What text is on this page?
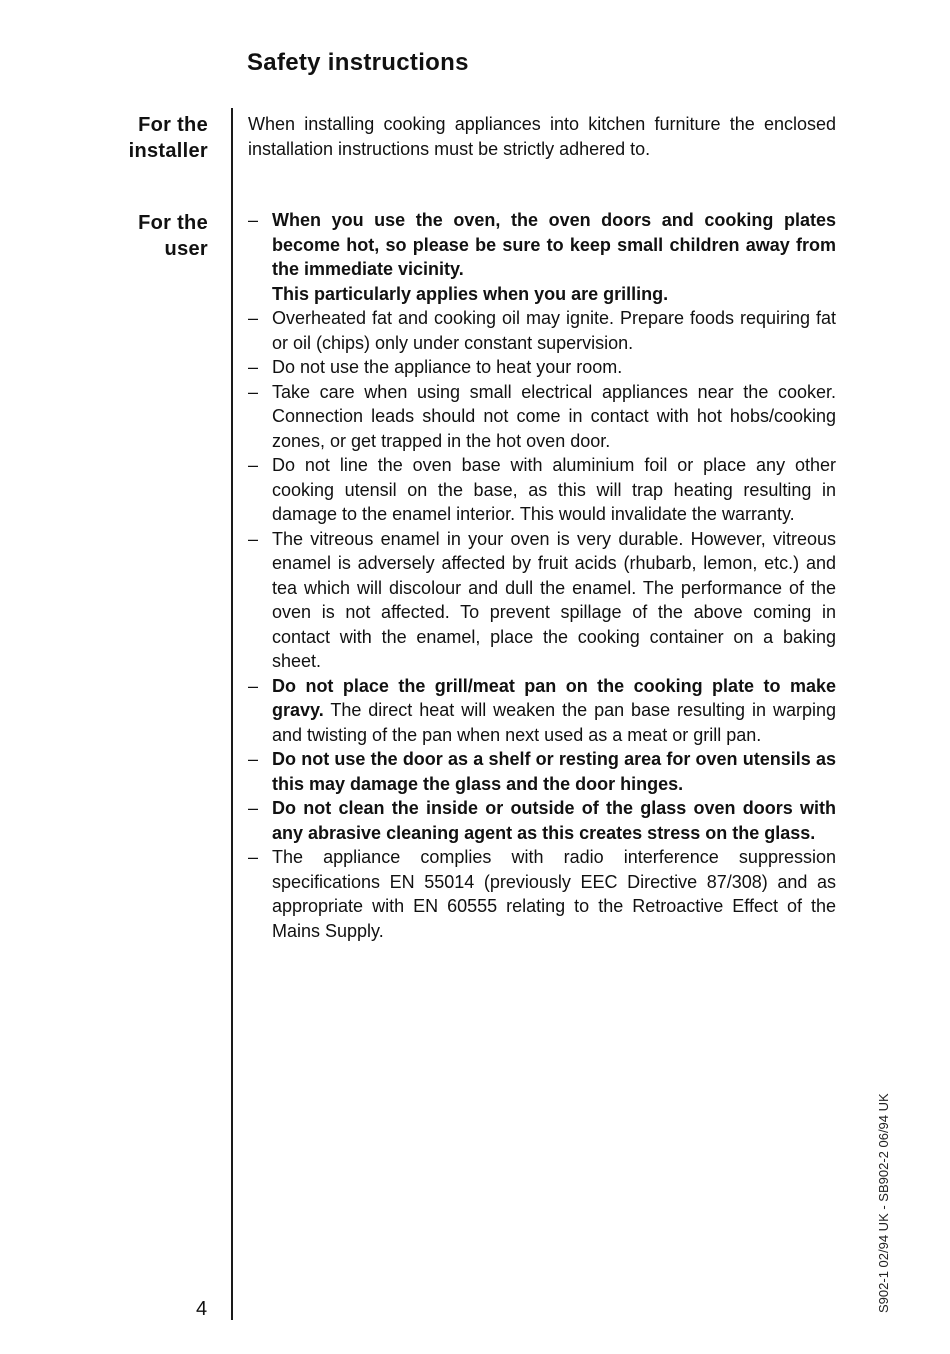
Safety instructions
For the
installer
For the
user

When installing cooking appliances into kitchen furniture the enclosed installation instructions must be strictly adhered to.

– When you use the oven, the oven doors and cooking plates become hot, so please be sure to keep small children away from the immediate vicinity.
This particularly applies when you are grilling.
– Overheated fat and cooking oil may ignite. Prepare foods requiring fat or oil (chips) only under constant supervision.
– Do not use the appliance to heat your room.
– Take care when using small electrical appliances near the cooker. Connection leads should not come in contact with hot hobs/cooking zones, or get trapped in the hot oven door.
– Do not line the oven base with aluminium foil or place any other cooking utensil on the base, as this will trap heating resulting in damage to the enamel interior. This would invalidate the warranty.
– The vitreous enamel in your oven is very durable. However, vitreous enamel is adversely affected by fruit acids (rhubarb, lemon, etc.) and tea which will discolour and dull the enamel. The performance of the oven is not affected. To prevent spillage of the above coming in contact with the enamel, place the cooking container on a baking sheet.
– Do not place the grill/meat pan on the cooking plate to make gravy. The direct heat will weaken the pan base resulting in warping and twisting of the pan when next used as a meat or grill pan.
– Do not use the door as a shelf or resting area for oven utensils as this may damage the glass and the door hinges.
– Do not clean the inside or outside of the glass oven doors with any abrasive cleaning agent as this creates stress on the glass.
– The appliance complies with radio interference suppression specifications EN 55014 (previously EEC Directive 87/308) and as appropriate with EN 60555 relating to the Retroactive Effect of the Mains Supply.
4	S902-1 02/94 UK - SB902-2 06/94 UK
